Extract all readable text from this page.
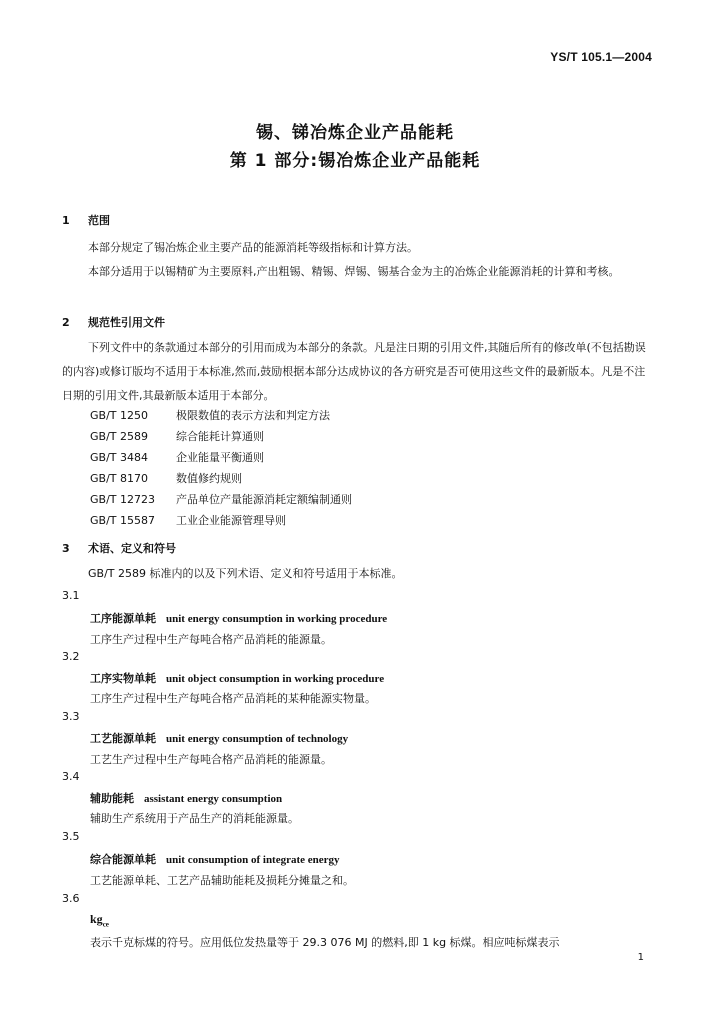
YS/T 105.1—2004
锡、锑冶炼企业产品能耗
第 1 部分:锡冶炼企业产品能耗
1 范围
本部分规定了锡冶炼企业主要产品的能源消耗等级指标和计算方法。
本部分适用于以锡精矿为主要原料,产出粗锡、精锡、焊锡、锡基合金为主的冶炼企业能源消耗的计算和考核。
2 规范性引用文件
下列文件中的条款通过本部分的引用而成为本部分的条款。凡是注日期的引用文件,其随后所有的修改单(不包括勘误的内容)或修订版均不适用于本标准,然而,鼓励根据本部分达成协议的各方研究是否可使用这些文件的最新版本。凡是不注日期的引用文件,其最新版本适用于本部分。
GB/T 1250	极限数值的表示方法和判定方法
GB/T 2589	综合能耗计算通则
GB/T 3484	企业能量平衡通则
GB/T 8170	数值修约规则
GB/T 12723 产品单位产量能源消耗定额编制通则
GB/T 15587 工业企业能源管理导则
3 术语、定义和符号
GB/T 2589 标准内的以及下列术语、定义和符号适用于本标准。
3.1
工序能源单耗 unit energy consumption in working procedure
工序生产过程中生产每吨合格产品消耗的能源量。
3.2
工序实物单耗 unit object consumption in working procedure
工序生产过程中生产每吨合格产品消耗的某种能源实物量。
3.3
工艺能源单耗 unit energy consumption of technology
工艺生产过程中生产每吨合格产品消耗的能源量。
3.4
辅助能耗 assistant energy consumption
辅助生产系统用于产品生产的消耗能源量。
3.5
综合能源单耗 unit consumption of integrate energy
工艺能源单耗、工艺产品辅助能耗及损耗分摊量之和。
3.6
$kg_{ce}$
表示千克标煤的符号。应用低位发热量等于 29.3 076 MJ 的燃料,即 1 kg 标煤。相应吨标煤表示
1
